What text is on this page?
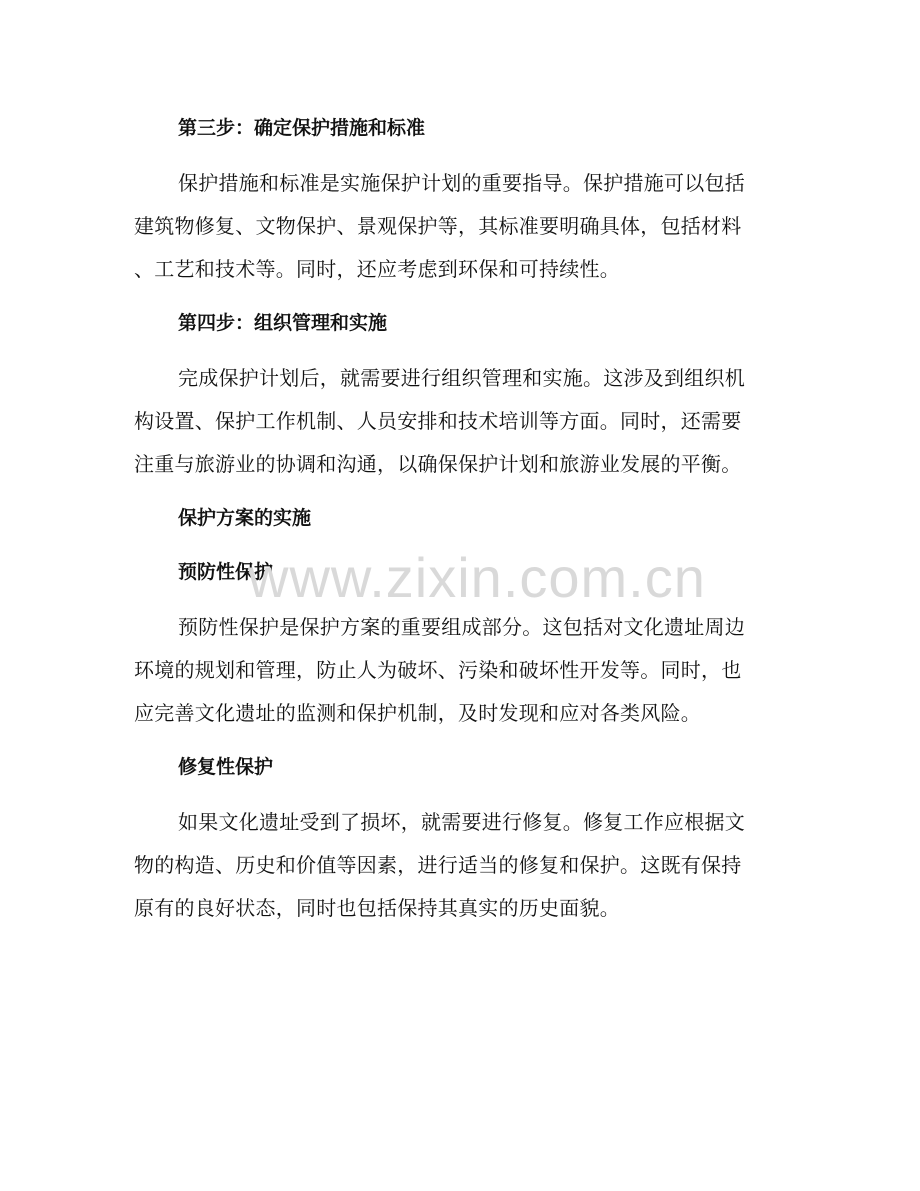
第三步：确定保护措施和标准
保护措施和标准是实施保护计划的重要指导。保护措施可以包括
建筑物修复、文物保护、景观保护等，其标准要明确具体，包括材料
、工艺和技术等。同时，还应考虑到环保和可持续性。
第四步：组织管理和实施
完成保护计划后，就需要进行组织管理和实施。这涉及到组织机
构设置、保护工作机制、人员安排和技术培训等方面。同时，还需要
注重与旅游业的协调和沟通，以确保保护计划和旅游业发展的平衡。
保护方案的实施
预防性保护
预防性保护是保护方案的重要组成部分。这包括对文化遗址周边
环境的规划和管理，防止人为破坏、污染和破坏性开发等。同时，也
应完善文化遗址的监测和保护机制，及时发现和应对各类风险。
修复性保护
如果文化遗址受到了损坏，就需要进行修复。修复工作应根据文
物的构造、历史和价值等因素，进行适当的修复和保护。这既有保持
原有的良好状态，同时也包括保持其真实的历史面貌。
www.zixin.com.cn
